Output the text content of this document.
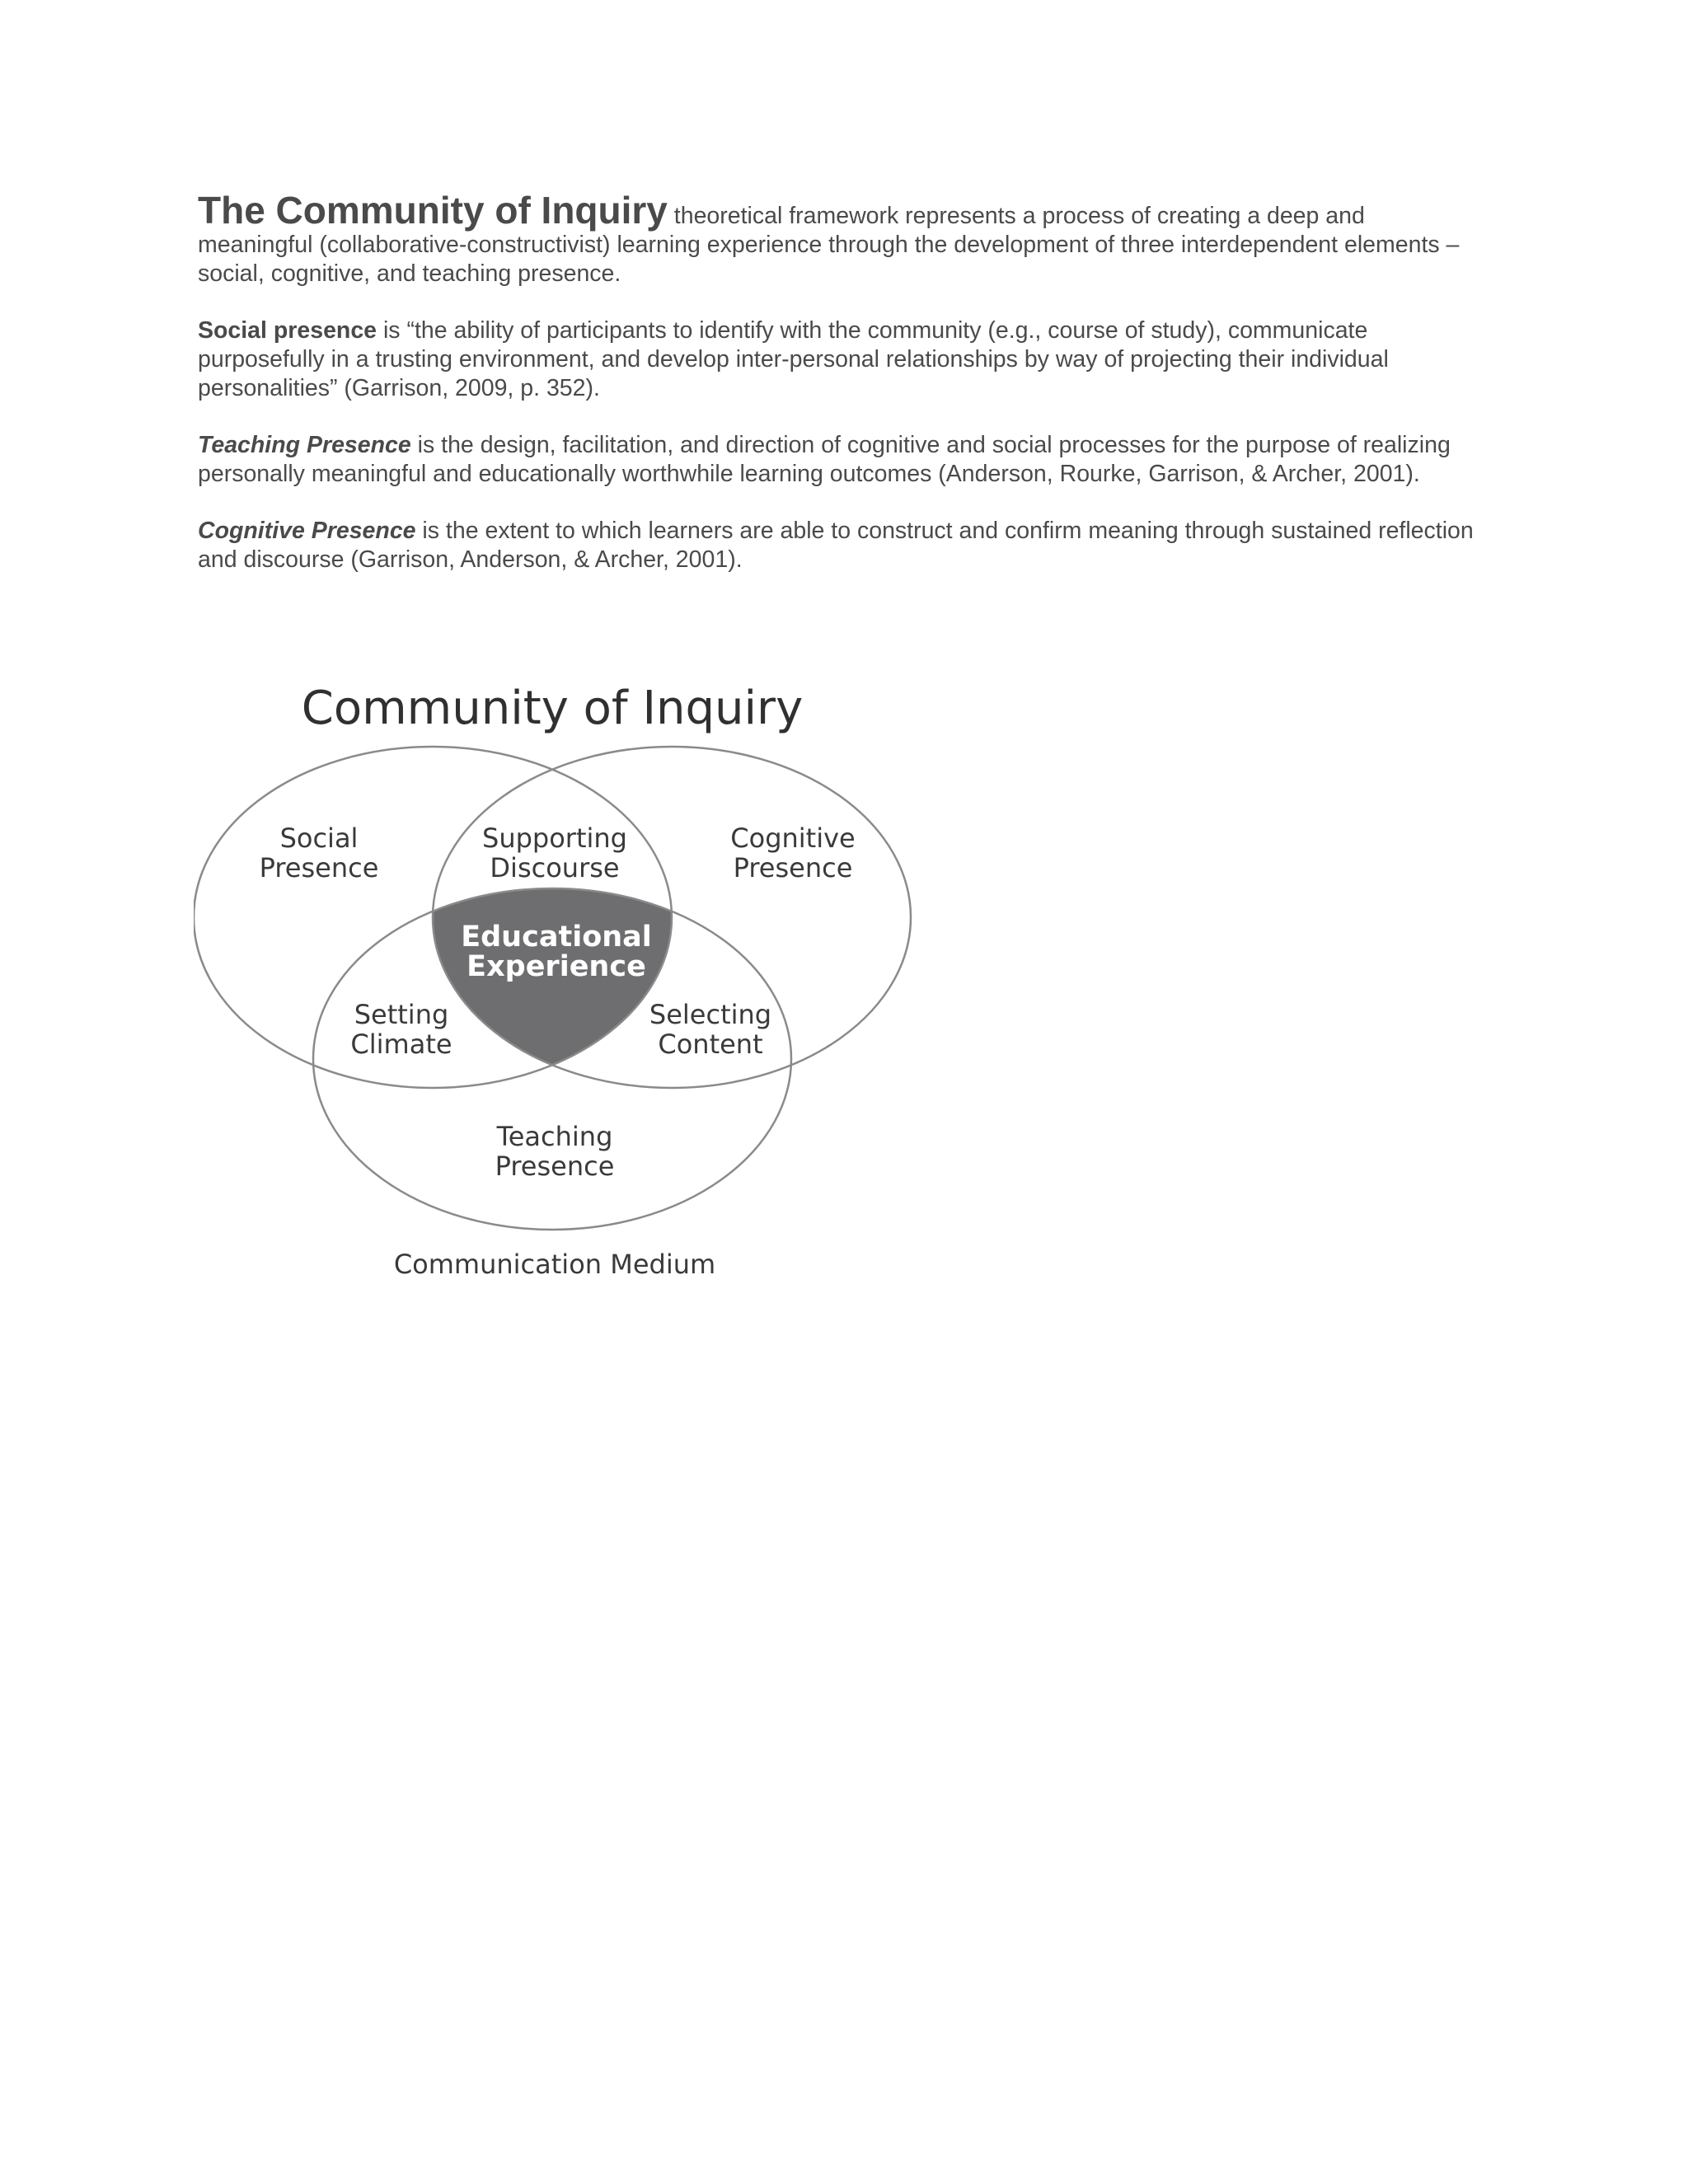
The Community of Inquiry theoretical framework represents a process of creating a deep and meaningful (collaborative-constructivist) learning experience through the development of three interdependent elements – social, cognitive, and teaching presence.

Social presence is “the ability of participants to identify with the community (e.g., course of study), communicate purposefully in a trusting environment, and develop inter-personal relationships by way of projecting their individual personalities” (Garrison, 2009, p. 352).

Teaching Presence is the design, facilitation, and direction of cognitive and social processes for the purpose of realizing personally meaningful and educationally worthwhile learning outcomes (Anderson, Rourke, Garrison, & Archer, 2001).

Cognitive Presence is the extent to which learners are able to construct and confirm meaning through sustained reflection and discourse (Garrison, Anderson, & Archer, 2001).

Community of Inquiry
Social
Presence
Supporting
Discourse
Cognitive
Presence
Educational
Experience
Setting
Climate
Selecting
Content
Teaching
Presence
Communication Medium
